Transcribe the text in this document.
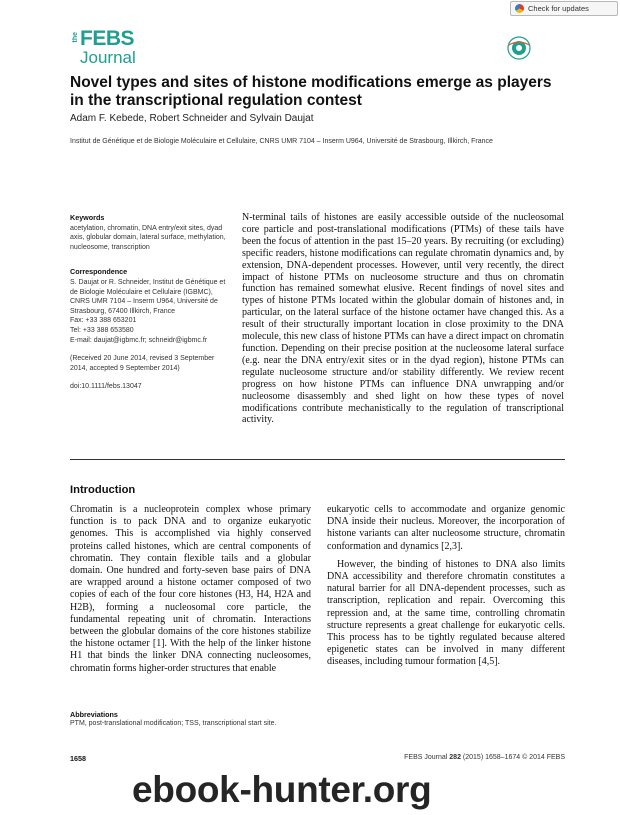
Check for updates
the FEBS
Journal
Novel types and sites of histone modifications emerge as players in the transcriptional regulation contest
Adam F. Kebede, Robert Schneider and Sylvain Daujat
Institut de Génétique et de Biologie Moléculaire et Cellulaire, CNRS UMR 7104 – Inserm U964, Université de Strasbourg, Illkirch, France
Keywords

acetylation, chromatin, DNA entry/exit sites, dyad axis, globular domain, lateral surface, methylation, nucleosome, transcription

Correspondence

S. Daujat or R. Schneider, Institut de Génétique et de Biologie Moléculaire et Cellulaire (IGBMC), CNRS UMR 7104 – Inserm U964, Université de Strasbourg, 67400 Illkirch, France

Fax: +33 388 653201

Tel: +33 388 653580

E-mail: daujat@igbmc.fr; schneidr@igbmc.fr

(Received 20 June 2014, revised 3 September 2014, accepted 9 September 2014)

doi:10.1111/febs.13047

N-terminal tails of histones are easily accessible outside of the nucleosomal core particle and post-translational modifications (PTMs) of these tails have been the focus of attention in the past 15–20 years. By recruiting (or excluding) specific readers, histone modifications can regulate chromatin dynamics and, by extension, DNA-dependent processes. However, until very recently, the direct impact of histone PTMs on nucleosome structure and thus on chromatin function has remained somewhat elusive. Recent findings of novel sites and types of histone PTMs located within the globular domain of histones and, in particular, on the lateral surface of the histone octamer have changed this. As a result of their structurally important location in close proximity to the DNA molecule, this new class of histone PTMs can have a direct impact on chromatin function. Depending on their precise position at the nucleosome lateral surface (e.g. near the DNA entry/exit sites or in the dyad region), histone PTMs can regulate nucleosome structure and/or stability differently. We review recent progress on how histone PTMs can influence DNA unwrapping and/or nucleosome disassembly and shed light on how these types of novel modifications contribute mechanistically to the regulation of transcriptional activity.

Introduction

Chromatin is a nucleoprotein complex whose primary function is to pack DNA and to organize eukaryotic genomes. This is accomplished via highly conserved proteins called histones, which are central components of chromatin. They contain flexible tails and a globular domain. One hundred and forty-seven base pairs of DNA are wrapped around a histone octamer composed of two copies of each of the four core histones (H3, H4, H2A and H2B), forming a nucleosomal core particle, the fundamental repeating unit of chromatin. Interactions between the globular domains of the core histones stabilize the histone octamer [1]. With the help of the linker histone H1 that binds the linker DNA connecting nucleosomes, chromatin forms higher-order structures that enable

eukaryotic cells to accommodate and organize genomic DNA inside their nucleus. Moreover, the incorporation of histone variants can alter nucleosome structure, chromatin conformation and dynamics [2,3].

However, the binding of histones to DNA also limits DNA accessibility and therefore chromatin constitutes a natural barrier for all DNA-dependent processes, such as transcription, replication and repair. Overcoming this repression and, at the same time, controlling chromatin structure represents a great challenge for eukaryotic cells. This process has to be tightly regulated because altered epigenetic states can be involved in many different diseases, including tumour formation [4,5].

Abbreviations
PTM, post-translational modification; TSS, transcriptional start site.
1658	FEBS Journal 282 (2015) 1658–1674 © 2014 FEBS
ebook-hunter.org
